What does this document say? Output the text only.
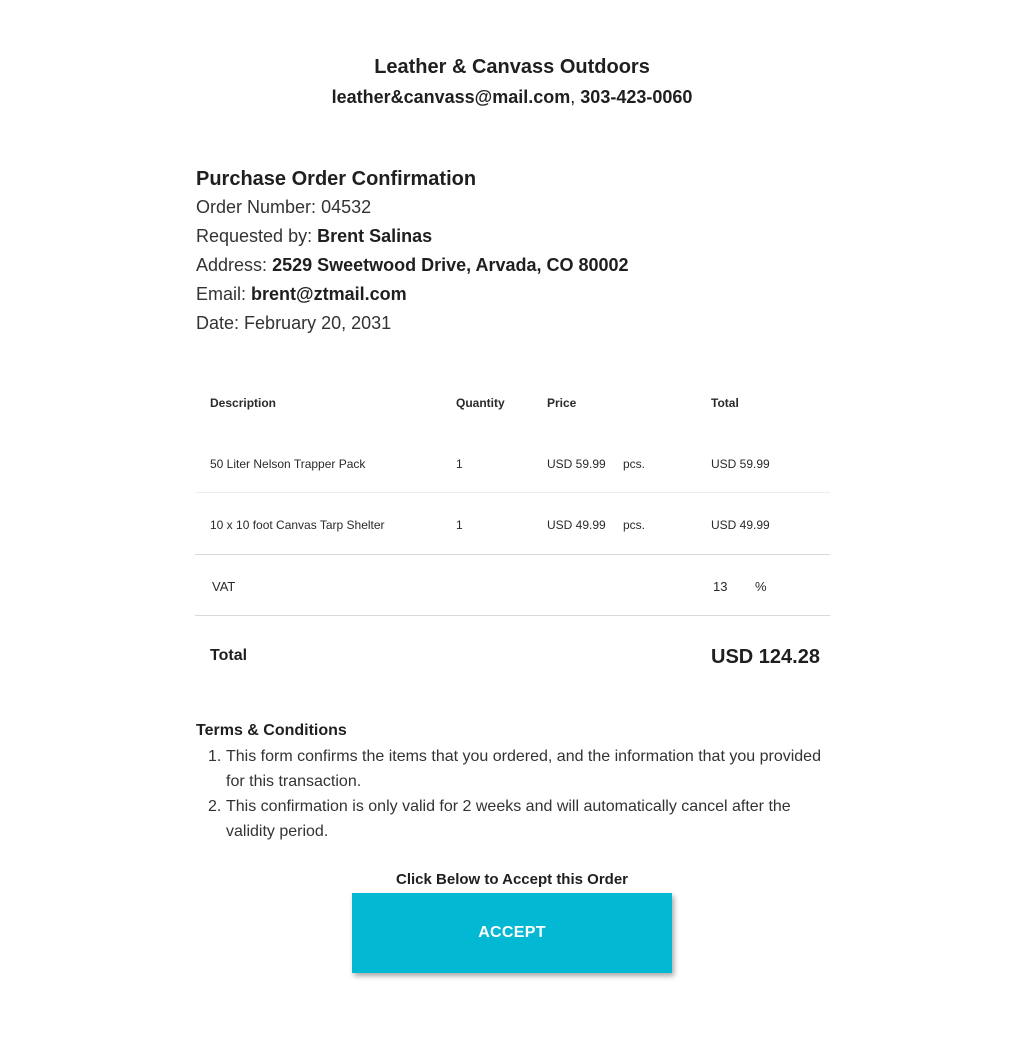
Leather & Canvass Outdoors
leather&canvass@mail.com, 303-423-0060
Purchase Order Confirmation
Order Number: 04532
Requested by: Brent Salinas
Address: 2529 Sweetwood Drive, Arvada, CO 80002
Email: brent@ztmail.com
Date: February 20, 2031
Description	Quantity	Price	Total
50 Liter Nelson Trapper Pack	1	USD 59.99 pcs.	USD 59.99
10 x 10 foot Canvas Tarp Shelter	1	USD 49.99 pcs.	USD 49.99
VAT	13 %
Total	USD 124.28
Terms & Conditions
1. This form confirms the items that you ordered, and the information that you provided for this transaction.
2. This confirmation is only valid for 2 weeks and will automatically cancel after the validity period.
Click Below to Accept this Order
ACCEPT
